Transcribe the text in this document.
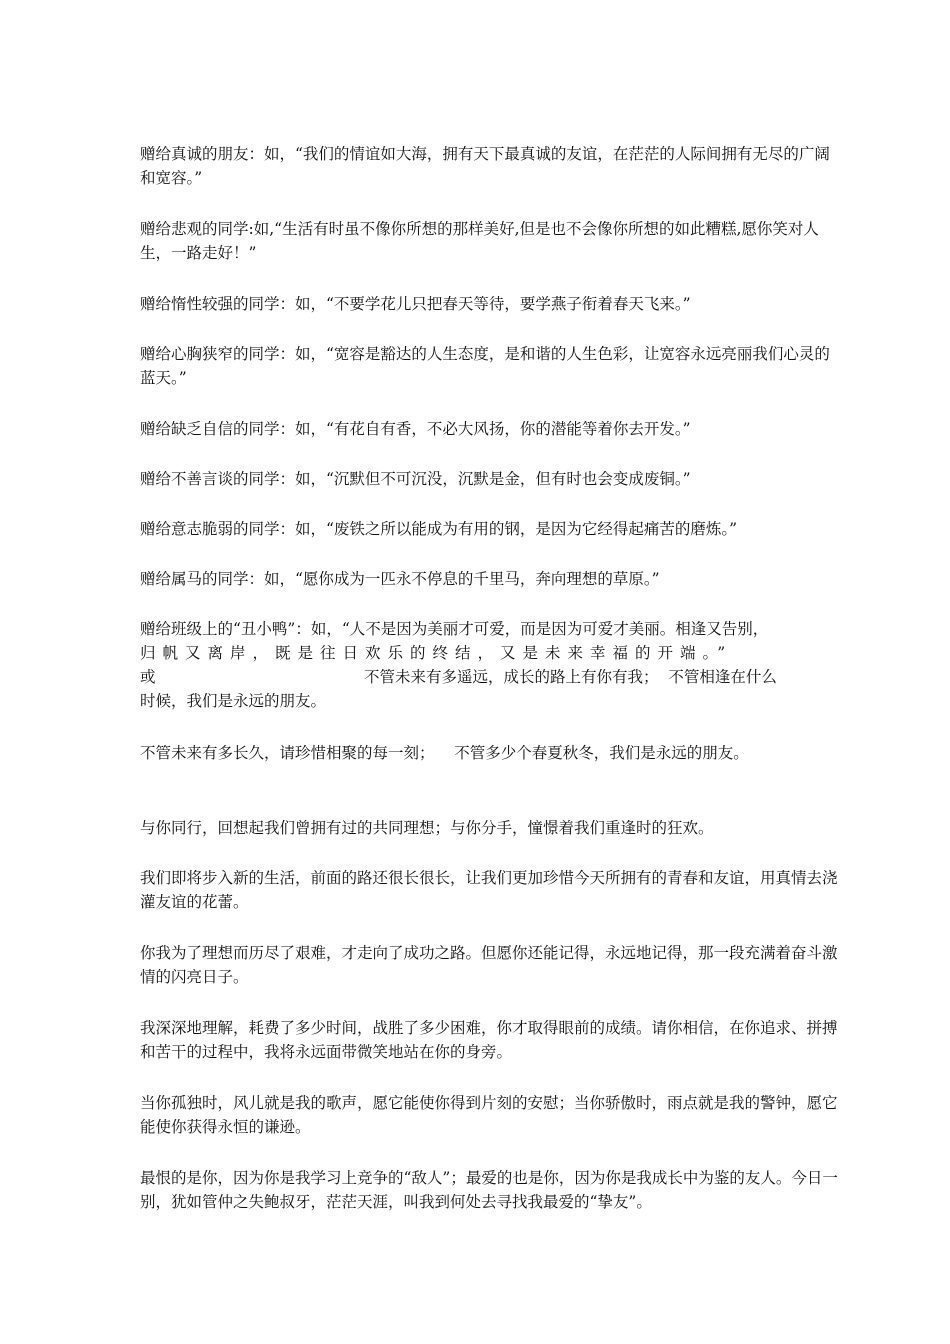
赠给真诚的朋友：如，“我们的情谊如大海，拥有天下最真诚的友谊，在茫茫的人际间拥有无尽的广阔和宽容。”

赠给悲观的同学:如,“生活有时虽不像你所想的那样美好,但是也不会像你所想的如此糟糕,愿你笑对人生，一路走好！”

赠给惰性较强的同学：如，“不要学花儿只把春天等待，要学燕子衔着春天飞来。”

赠给心胸狭窄的同学：如，“宽容是豁达的人生态度，是和谐的人生色彩，让宽容永远亮丽我们心灵的蓝天。”

赠给缺乏自信的同学：如，“有花自有香，不必大风扬，你的潜能等着你去开发。”

赠给不善言谈的同学：如，“沉默但不可沉没，沉默是金，但有时也会变成废铜。”

赠给意志脆弱的同学：如，“废铁之所以能成为有用的钢，是因为它经得起痛苦的磨炼。”

赠给属马的同学：如，“愿你成为一匹永不停息的千里马，奔向理想的草原。”

赠给班级上的“丑小鸭”：如，“人不是因为美丽才可爱，而是因为可爱才美丽。相逢又告别，

归帆又离岸，既是往日欢乐的终结，又是未来幸福的开端。”

或	不管未来有多遥远，成长的路上有你有我；  不管相逢在什么

时候，我们是永远的朋友。

不管未来有多长久，请珍惜相聚的每一刻；    不管多少个春夏秋冬，我们是永远的朋友。

与你同行，回想起我们曾拥有过的共同理想；与你分手，憧憬着我们重逢时的狂欢。

我们即将步入新的生活，前面的路还很长很长，让我们更加珍惜今天所拥有的青春和友谊，用真情去浇灌友谊的花蕾。

你我为了理想而历尽了艰难，才走向了成功之路。但愿你还能记得，永远地记得，那一段充满着奋斗激情的闪亮日子。

我深深地理解，耗费了多少时间，战胜了多少困难，你才取得眼前的成绩。请你相信，在你追求、拼搏和苦干的过程中，我将永远面带微笑地站在你的身旁。

当你孤独时，风儿就是我的歌声，愿它能使你得到片刻的安慰；当你骄傲时，雨点就是我的警钟，愿它能使你获得永恒的谦逊。

最恨的是你，因为你是我学习上竞争的“敌人”；最爱的也是你，因为你是我成长中为鉴的友人。今日一别，犹如管仲之失鲍叔牙，茫茫天涯，叫我到何处去寻找我最爱的“挚友”。
